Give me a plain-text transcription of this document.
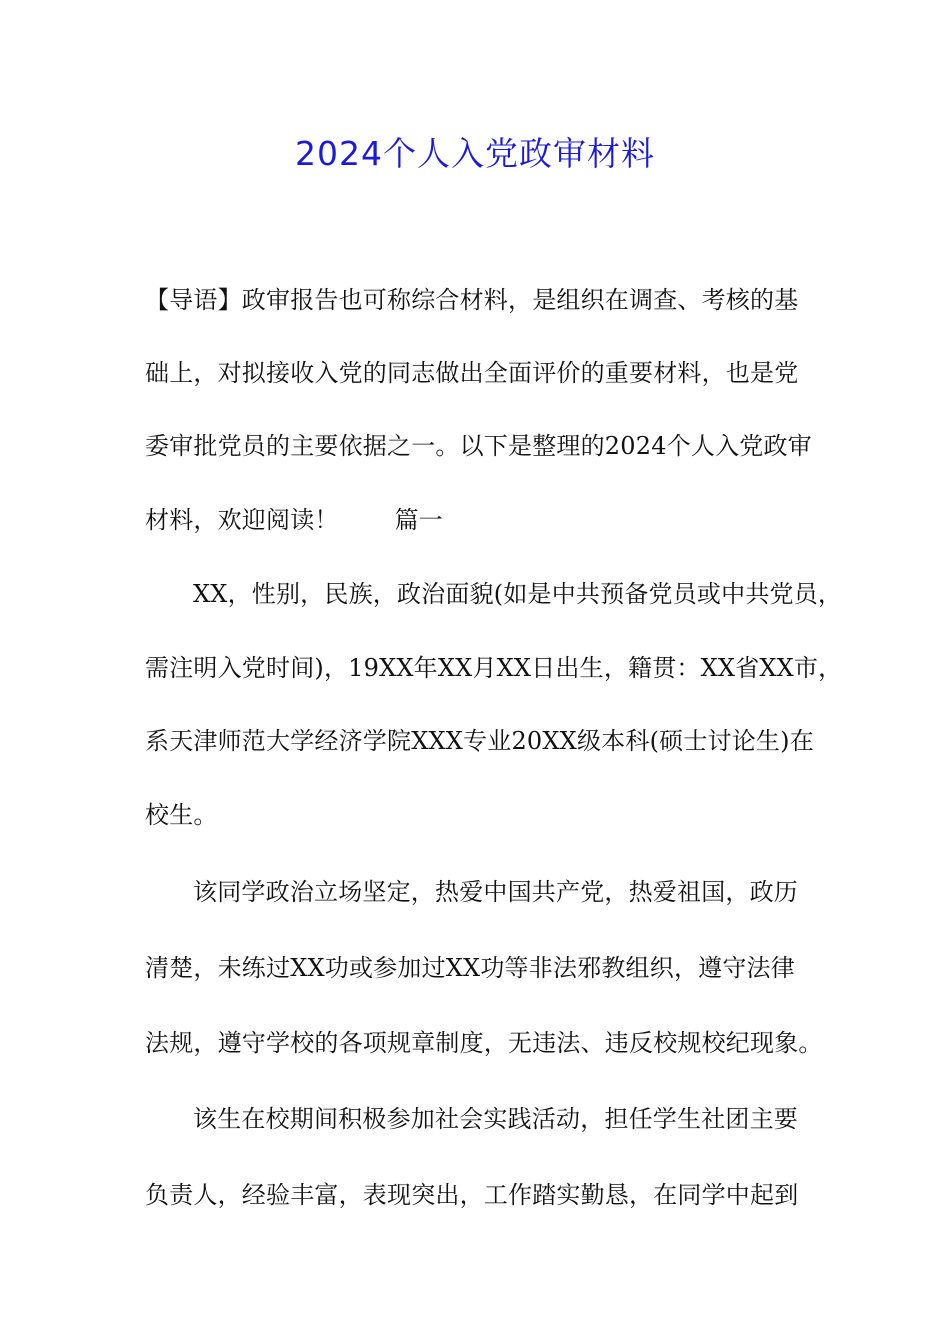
2024个人入党政审材料
【导语】政审报告也可称综合材料，是组织在调查、考核的基
础上，对拟接收入党的同志做出全面评价的重要材料，也是党
委审批党员的主要依据之一。以下是整理的2024个人入党政审
材料，欢迎阅读！ 篇一
XX，性别，民族，政治面貌(如是中共预备党员或中共党员，
需注明入党时间)，19XX年XX月XX日出生，籍贯：XX省XX市，
系天津师范大学经济学院XXX专业20XX级本科(硕士讨论生)在
校生。
该同学政治立场坚定，热爱中国共产党，热爱祖国，政历
清楚，未练过XX功或参加过XX功等非法邪教组织，遵守法律
法规，遵守学校的各项规章制度，无违法、违反校规校纪现象。
该生在校期间积极参加社会实践活动，担任学生社团主要
负责人，经验丰富，表现突出，工作踏实勤恳，在同学中起到
